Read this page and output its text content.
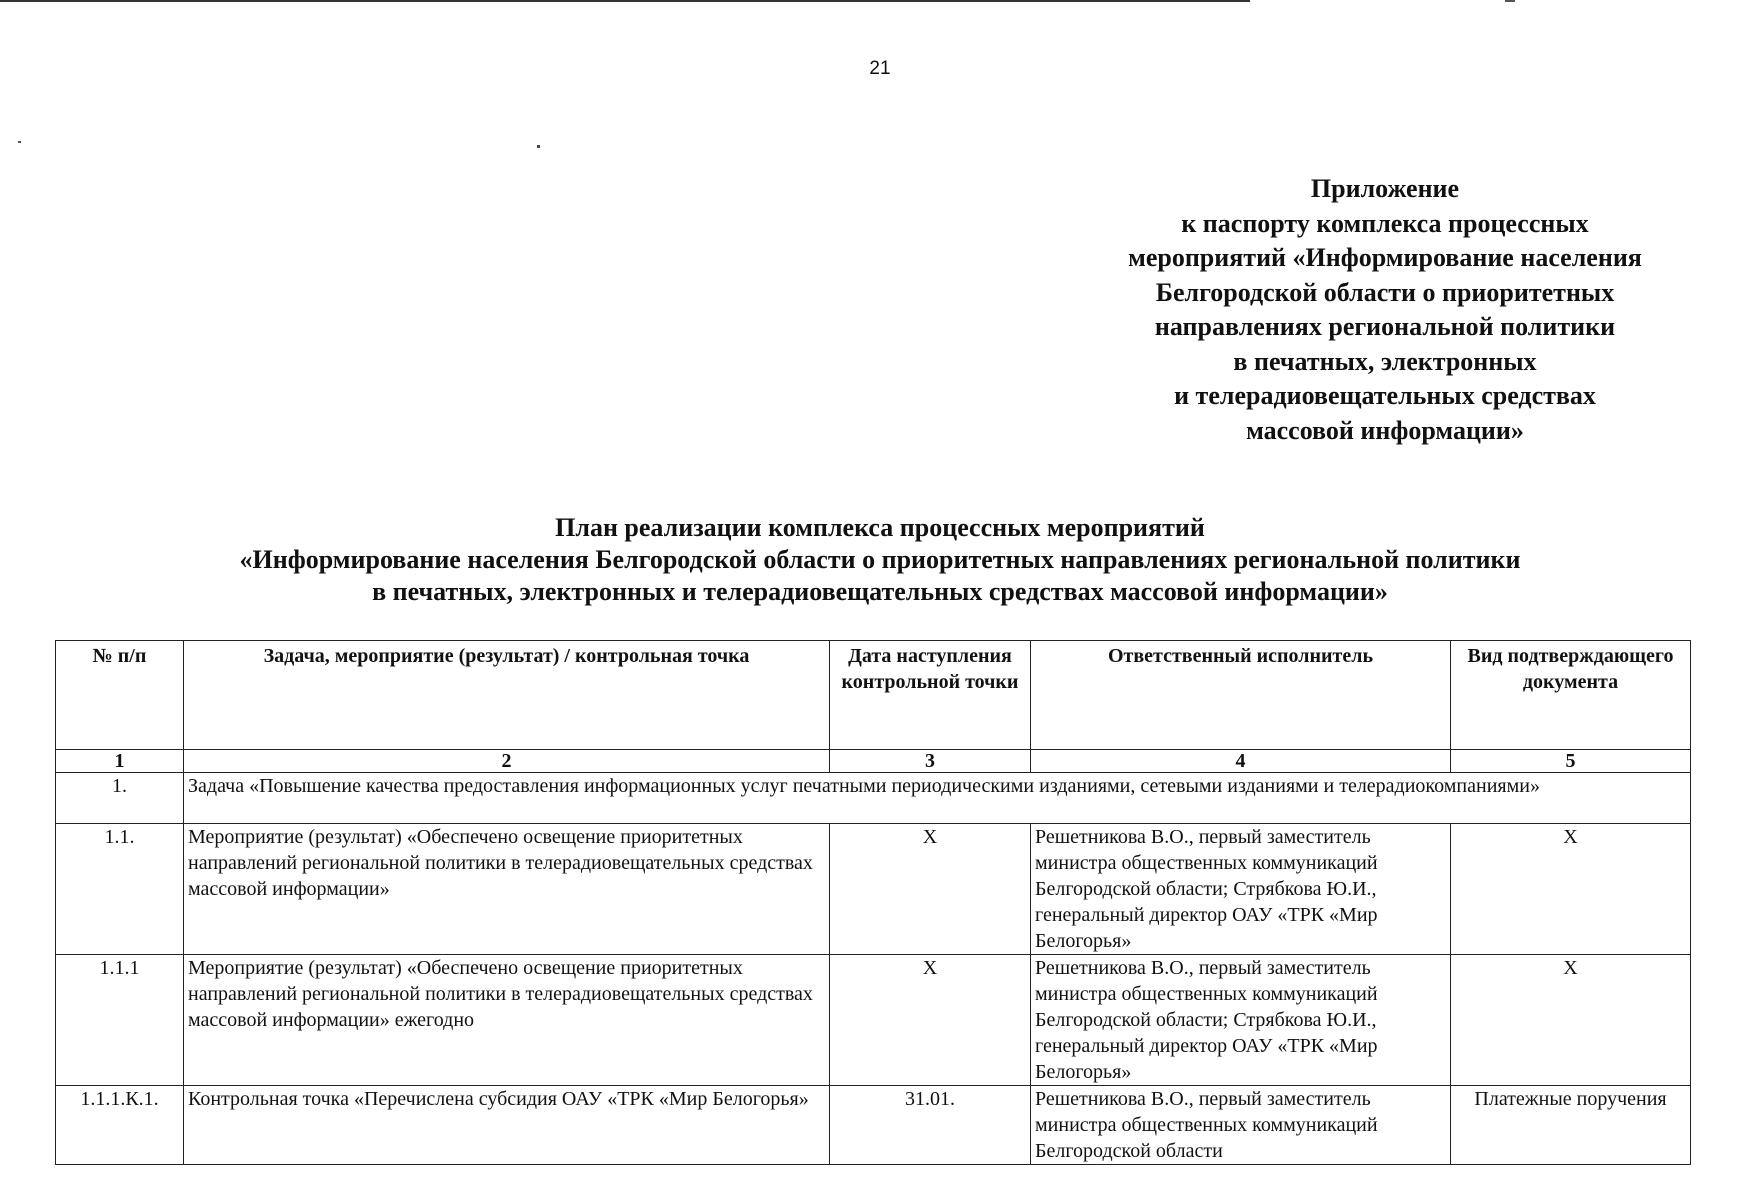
21
Приложение
к паспорту комплекса процессных
мероприятий «Информирование населения
Белгородской области о приоритетных
направлениях региональной политики
в печатных, электронных
и телерадиовещательных средствах
массовой информации»
План реализации комплекса процессных мероприятий
«Информирование населения Белгородской области о приоритетных направлениях региональной политики
в печатных, электронных и телерадиовещательных средствах массовой информации»
№ п/п	Задача, мероприятие (результат) / контрольная точка	Дата наступления контрольной точки	Ответственный исполнитель	Вид подтверждающего документа
1	2	3	4	5
1.	Задача «Повышение качества предоставления информационных услуг печатными периодическими изданиями, сетевыми изданиями и телерадиокомпаниями»			
1.1.	Мероприятие (результат) «Обеспечено освещение приоритетных направлений региональной политики в телерадиовещательных средствах массовой информации»	X	Решетникова В.О., первый заместитель министра общественных коммуникаций Белгородской области; Стрябкова Ю.И., генеральный директор ОАУ «ТРК «Мир Белогорья»	X
1.1.1	Мероприятие (результат) «Обеспечено освещение приоритетных направлений региональной политики в телерадиовещательных средствах массовой информации» ежегодно	X	Решетникова В.О., первый заместитель министра общественных коммуникаций Белгородской области; Стрябкова Ю.И., генеральный директор ОАУ «ТРК «Мир Белогорья»	X
1.1.1.К.1.	Контрольная точка «Перечислена субсидия ОАУ «ТРК «Мир Белогорья»	31.01.	Решетникова В.О., первый заместитель министра общественных коммуникаций Белгородской области	Платежные поручения
